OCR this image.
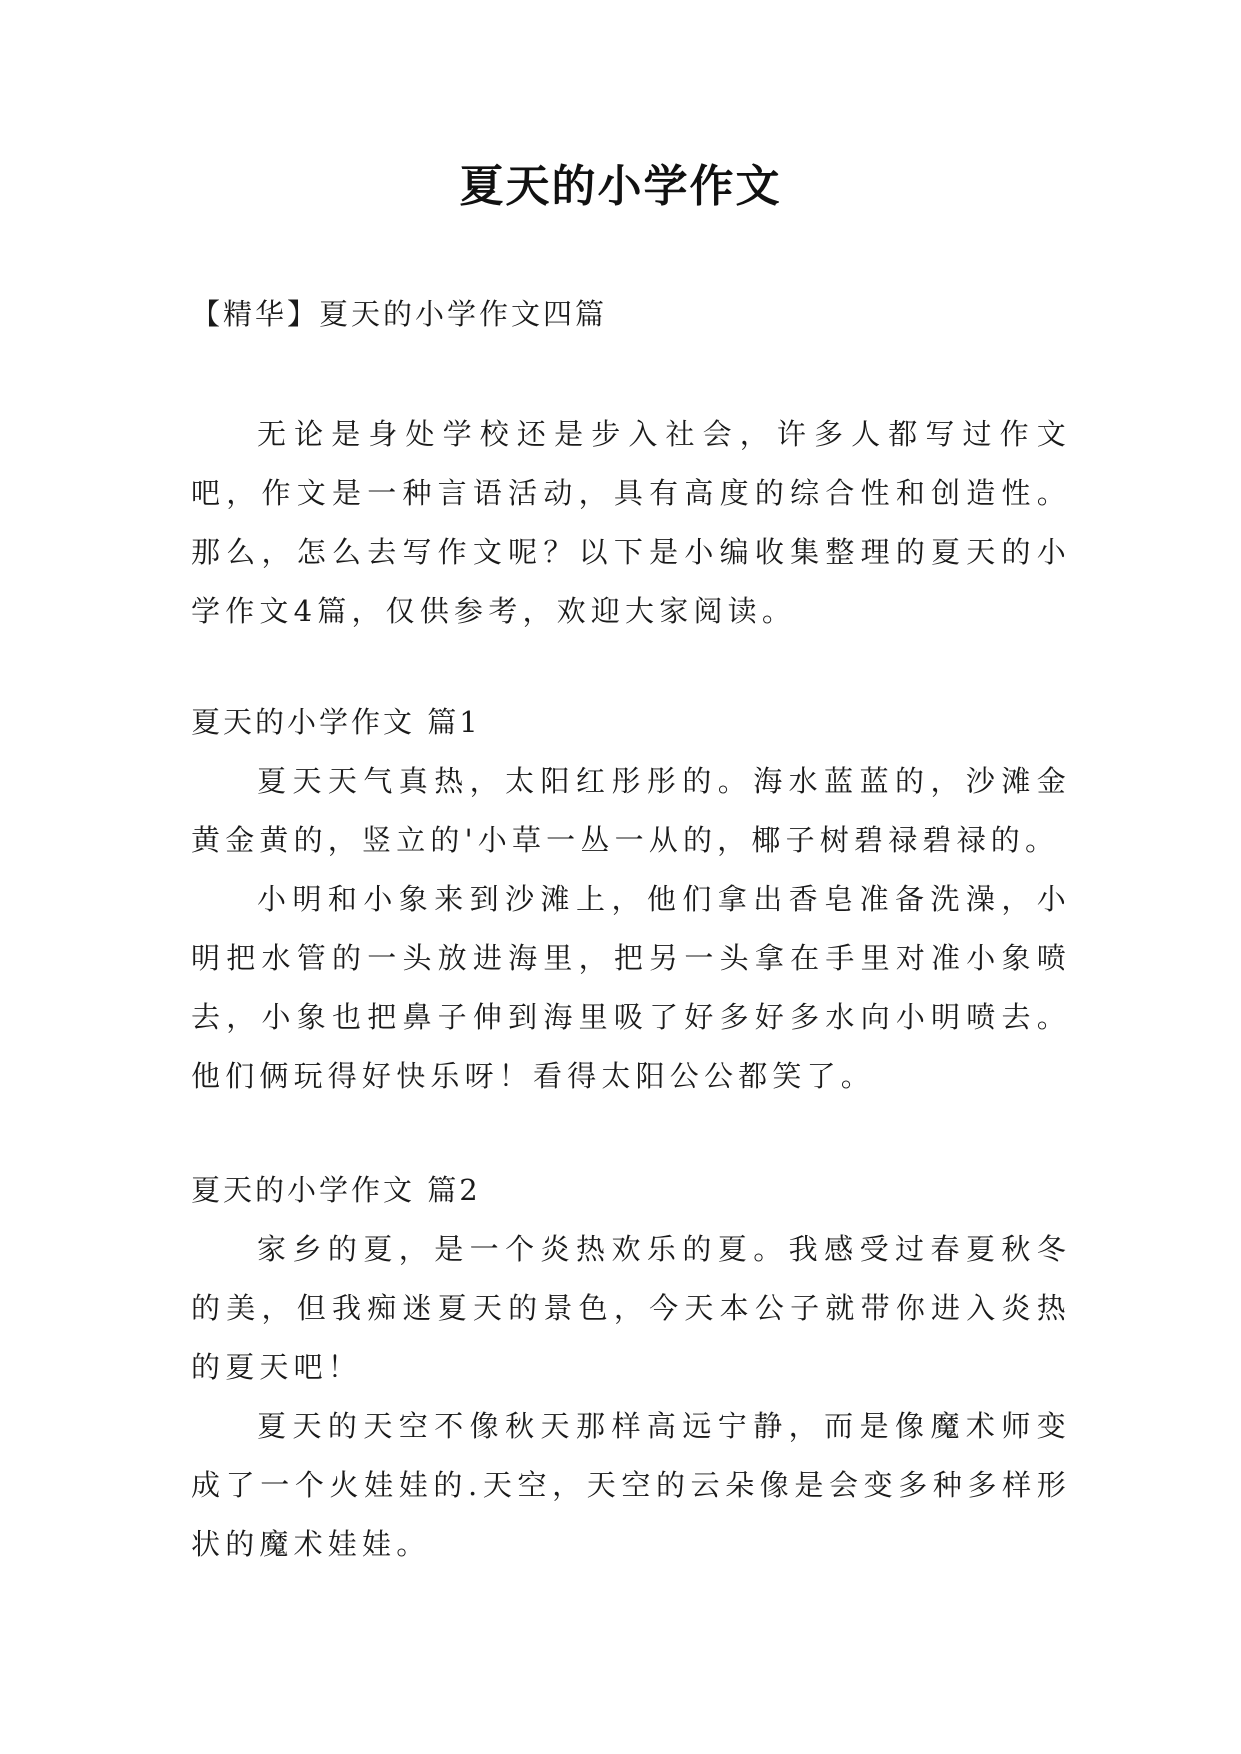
夏天的小学作文
【精华】夏天的小学作文四篇

无论是身处学校还是步入社会，许多人都写过作文吧，作文是一种言语活动，具有高度的综合性和创造性。那么，怎么去写作文呢？以下是小编收集整理的夏天的小学作文4篇，仅供参考，欢迎大家阅读。

夏天的小学作文 篇1

夏天天气真热，太阳红彤彤的。海水蓝蓝的，沙滩金黄金黄的，竖立的'小草一丛一从的，椰子树碧禄碧禄的。

小明和小象来到沙滩上，他们拿出香皂准备洗澡，小明把水管的一头放进海里，把另一头拿在手里对准小象喷去，小象也把鼻子伸到海里吸了好多好多水向小明喷去。他们俩玩得好快乐呀！看得太阳公公都笑了。

夏天的小学作文 篇2

家乡的夏，是一个炎热欢乐的夏。我感受过春夏秋冬的美，但我痴迷夏天的景色，今天本公子就带你进入炎热的夏天吧！

夏天的天空不像秋天那样高远宁静，而是像魔术师变成了一个火娃娃的.天空，天空的云朵像是会变多种多样形状的魔术娃娃。
